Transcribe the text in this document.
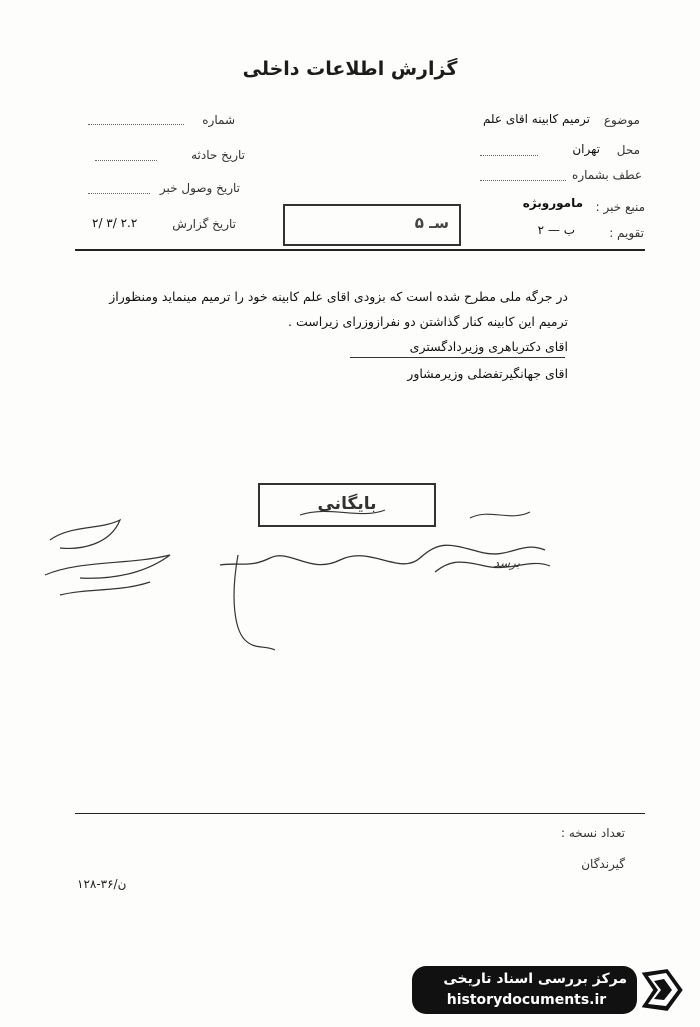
گزارش اطلاعات داخلی
شماره
تاریخ حادثه
تاریخ وصول خبر
تاریخ گزارش
۲/ ۳/ ۲.۲	سـ ۵
موضوع
ترمیم کابینه اقای علم
محل
تهران
عطف بشماره
منبع خبر :
ماموروبژه
تقویم :
ب — ۲
در جرگه ملی مطرح شده است که بزودی اقای علم کابینه خود را ترمیم مینماید ومنظوراز
ترمیم این کابینه کنار گذاشتن دو نفرازوزرای زیراست .
اقای دکترباهری وزیردادگستری
اقای جهانگیرتفضلی وزیرمشاور
بایگانی
برسد
تعداد نسخه :
گیرندگان
۱۲۸-۳۶/ن
مرکز بررسی اسناد تاریخی
historydocuments.ir
